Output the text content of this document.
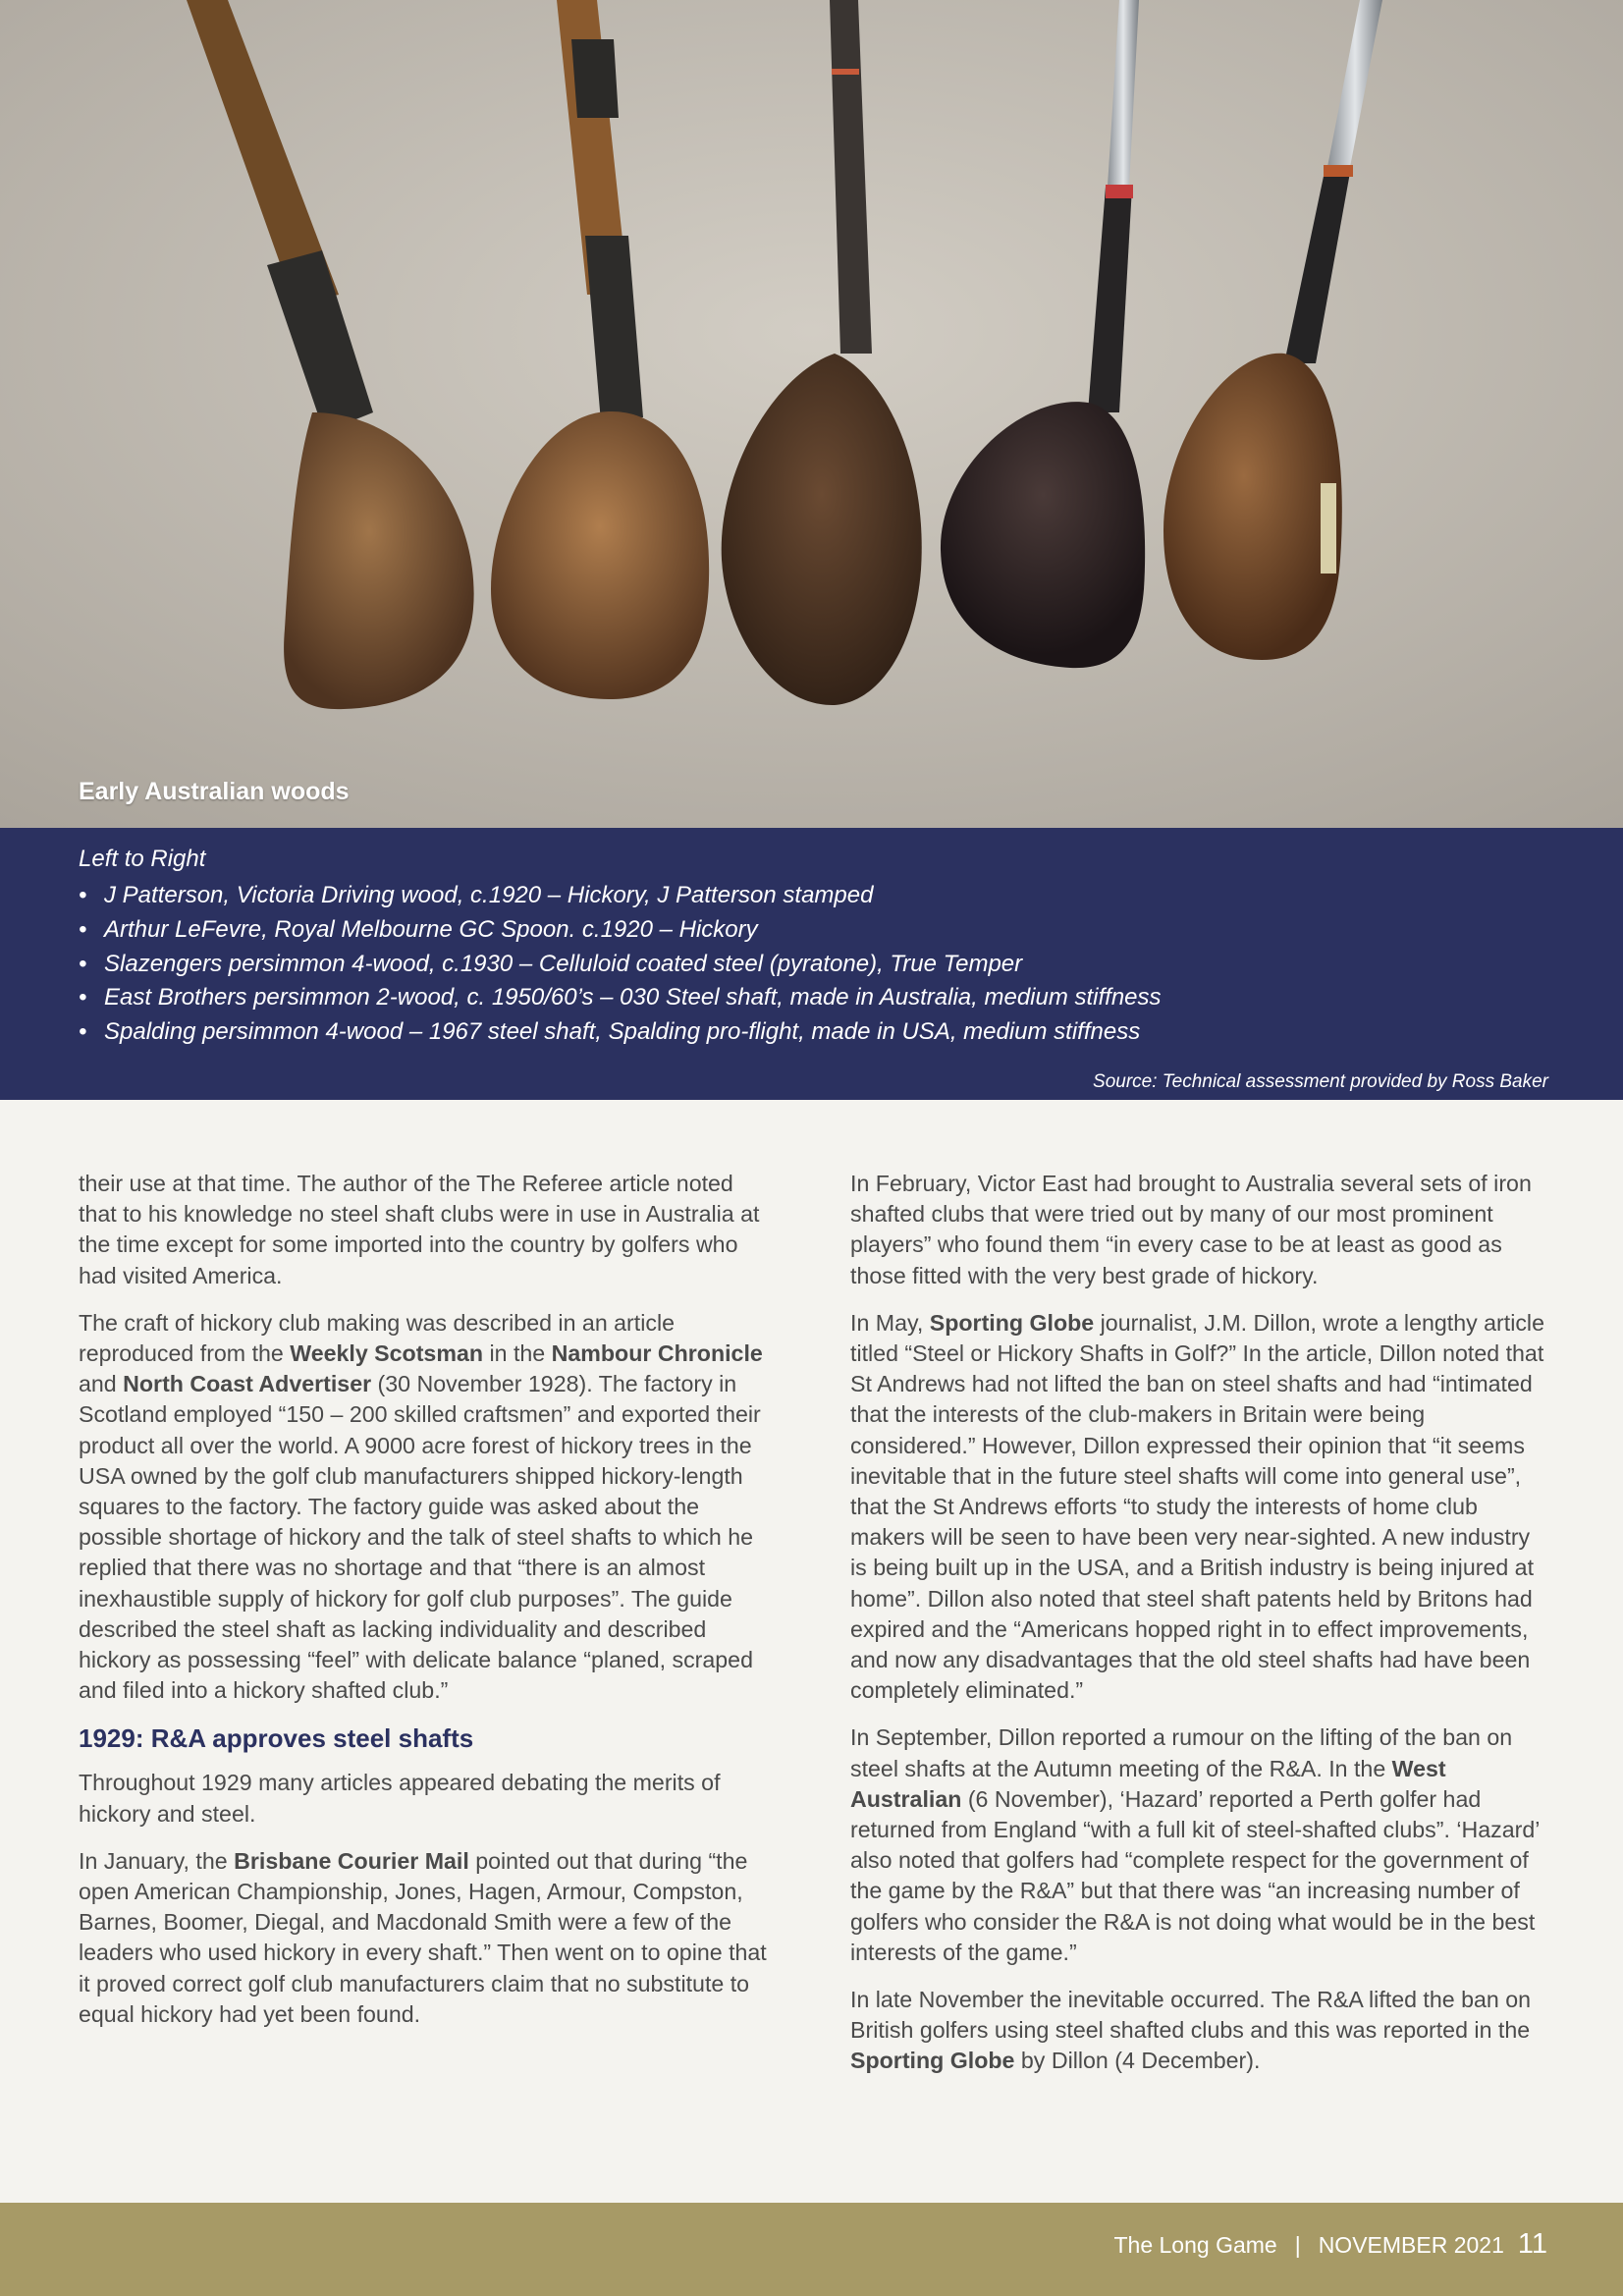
Early Australian woods
Left to Right
• J Patterson, Victoria Driving wood, c.1920 – Hickory, J Patterson stamped
• Arthur LeFevre, Royal Melbourne GC Spoon. c.1920 – Hickory
• Slazengers persimmon 4-wood, c.1930 – Celluloid coated steel (pyratone), True Temper
• East Brothers persimmon 2-wood, c. 1950/60’s – 030 Steel shaft, made in Australia, medium stiffness
• Spalding persimmon 4-wood – 1967 steel shaft, Spalding pro-flight, made in USA, medium stiffness
Source: Technical assessment provided by Ross Baker

their use at that time. The author of the The Referee article noted that to his knowledge no steel shaft clubs were in use in Australia at the time except for some imported into the country by golfers who had visited America.

The craft of hickory club making was described in an article reproduced from the Weekly Scotsman in the Nambour Chronicle and North Coast Advertiser (30 November 1928). The factory in Scotland employed “150 – 200 skilled craftsmen” and exported their product all over the world. A 9000 acre forest of hickory trees in the USA owned by the golf club manufacturers shipped hickory-length squares to the factory. The factory guide was asked about the possible shortage of hickory and the talk of steel shafts to which he replied that there was no shortage and that “there is an almost inexhaustible supply of hickory for golf club purposes”. The guide described the steel shaft as lacking individuality and described hickory as possessing “feel” with delicate balance “planed, scraped and filed into a hickory shafted club.”

1929: R&A approves steel shafts

Throughout 1929 many articles appeared debating the merits of hickory and steel.

In January, the Brisbane Courier Mail pointed out that during “the open American Championship, Jones, Hagen, Armour, Compston, Barnes, Boomer, Diegal, and Macdonald Smith were a few of the leaders who used hickory in every shaft.” Then went on to opine that it proved correct golf club manufacturers claim that no substitute to equal hickory had yet been found.

In February, Victor East had brought to Australia several sets of iron shafted clubs that were tried out by many of our most prominent players” who found them “in every case to be at least as good as those fitted with the very best grade of hickory.

In May, Sporting Globe journalist, J.M. Dillon, wrote a lengthy article titled “Steel or Hickory Shafts in Golf?” In the article, Dillon noted that St Andrews had not lifted the ban on steel shafts and had “intimated that the interests of the club-makers in Britain were being considered.” However, Dillon expressed their opinion that “it seems inevitable that in the future steel shafts will come into general use”, that the St Andrews efforts “to study the interests of home club makers will be seen to have been very near-sighted. A new industry is being built up in the USA, and a British industry is being injured at home”. Dillon also noted that steel shaft patents held by Britons had expired and the “Americans hopped right in to effect improvements, and now any disadvantages that the old steel shafts had have been completely eliminated.”

In September, Dillon reported a rumour on the lifting of the ban on steel shafts at the Autumn meeting of the R&A. In the West Australian (6 November), ‘Hazard’ reported a Perth golfer had returned from England “with a full kit of steel-shafted clubs”. ‘Hazard’ also noted that golfers had “complete respect for the government of the game by the R&A” but that there was “an increasing number of golfers who consider the R&A is not doing what would be in the best interests of the game.”

In late November the inevitable occurred. The R&A lifted the ban on British golfers using steel shafted clubs and this was reported in the Sporting Globe by Dillon (4 December).

The Long Game | NOVEMBER 2021 11
